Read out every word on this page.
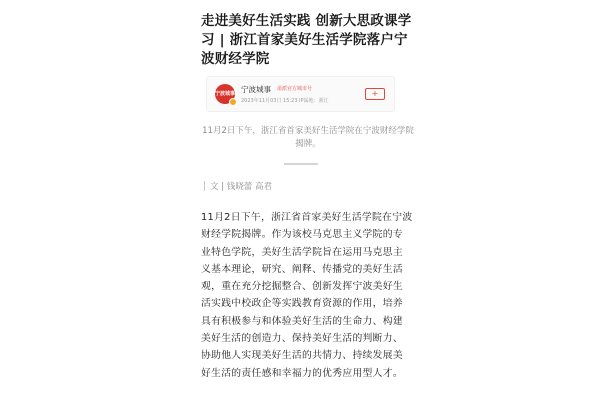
走进美好生活实践 创新大思政课学习 | 浙江首家美好生活学院落户宁波财经学院
宁波城事 宁波城事 甬派官方城市号
2023年11月03日 15:23 IP属地：浙江
+
11月2日下午，浙江省首家美好生活学院在宁波财经学院揭牌。
文 | 钱晓蕾 高君
11月2日下午，浙江省首家美好生活学院在宁波财经学院揭牌。作为该校马克思主义学院的专业特色学院，美好生活学院旨在运用马克思主义基本理论，研究、阐释、传播党的美好生活观，重在充分挖掘整合、创新发挥宁波美好生活实践中校政企等实践教育资源的作用，培养具有积极参与和体验美好生活的生命力、构建美好生活的创造力、保持美好生活的判断力、协助他人实现美好生活的共情力、持续发展美好生活的责任感和幸福力的优秀应用型人才。
